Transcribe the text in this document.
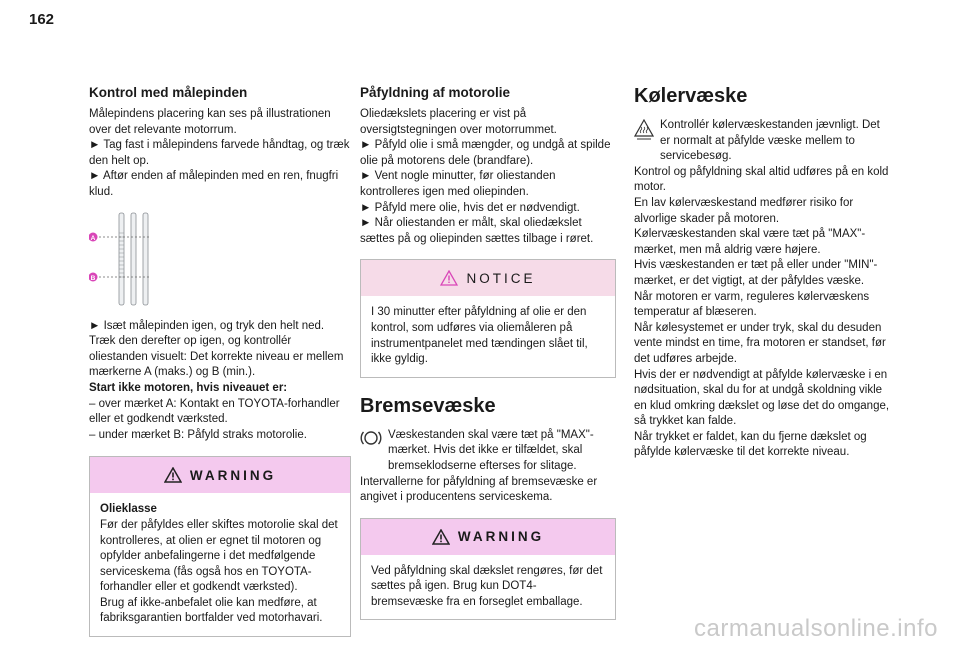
162
Kontrol med målepinden

Målepindens placering kan ses på illustrationen over det relevante motorrum.

► Tag fast i målepindens farvede håndtag, og træk den helt op.

► Aftør enden af målepinden med en ren, fnugfri klud.

A
B

► Isæt målepinden igen, og tryk den helt ned. Træk den derefter op igen, og kontrollér oliestanden visuelt: Det korrekte niveau er mellem mærkerne A (maks.) og B (min.).

Start ikke motoren, hvis niveauet er:

– over mærket A: Kontakt en TOYOTA-forhandler eller et godkendt værksted.

– under mærket B: Påfyld straks motorolie.

WARNING

Olieklasse

Før der påfyldes eller skiftes motorolie skal det kontrolleres, at olien er egnet til motoren og opfylder anbefalingerne i det medfølgende serviceskema (fås også hos en TOYOTA-forhandler eller et godkendt værksted).

Brug af ikke-anbefalet olie kan medføre, at fabriksgarantien bortfalder ved motorhavari.

Påfyldning af motorolie

Oliedækslets placering er vist på oversigtstegningen over motorrummet.

► Påfyld olie i små mængder, og undgå at spilde olie på motorens dele (brandfare).

► Vent nogle minutter, før oliestanden kontrolleres igen med oliepinden.

► Påfyld mere olie, hvis det er nødvendigt.

► Når oliestanden er målt, skal oliedækslet sættes på og oliepinden sættes tilbage i røret.

NOTICE

I 30 minutter efter påfyldning af olie er den kontrol, som udføres via oliemåleren på instrumentpanelet med tændingen slået til, ikke gyldig.

Bremsevæske

Væskestanden skal være tæt på "MAX"-mærket. Hvis det ikke er tilfældet, skal bremseklodserne efterses for slitage.

Intervallerne for påfyldning af bremsevæske er angivet i producentens serviceskema.

WARNING

Ved påfyldning skal dækslet rengøres, før det sættes på igen. Brug kun DOT4-bremsevæske fra en forseglet emballage.

Kølervæske

Kontrollér kølervæskestanden jævnligt. Det er normalt at påfylde væske mellem to servicebesøg.

Kontrol og påfyldning skal altid udføres på en kold motor.

En lav kølervæskestand medfører risiko for alvorlige skader på motoren.

Kølervæskestanden skal være tæt på "MAX"-mærket, men må aldrig være højere.

Hvis væskestanden er tæt på eller under "MIN"-mærket, er det vigtigt, at der påfyldes væske.

Når motoren er varm, reguleres kølervæskens temperatur af blæseren.

Når kølesystemet er under tryk, skal du desuden vente mindst en time, fra motoren er standset, før det udføres arbejde.

Hvis der er nødvendigt at påfylde kølervæske i en nødsituation, skal du for at undgå skoldning vikle en klud omkring dækslet og løse det do omgange, så trykket kan falde.

Når trykket er faldet, kan du fjerne dækslet og påfylde kølervæske til det korrekte niveau.

carmanualsonline.info
